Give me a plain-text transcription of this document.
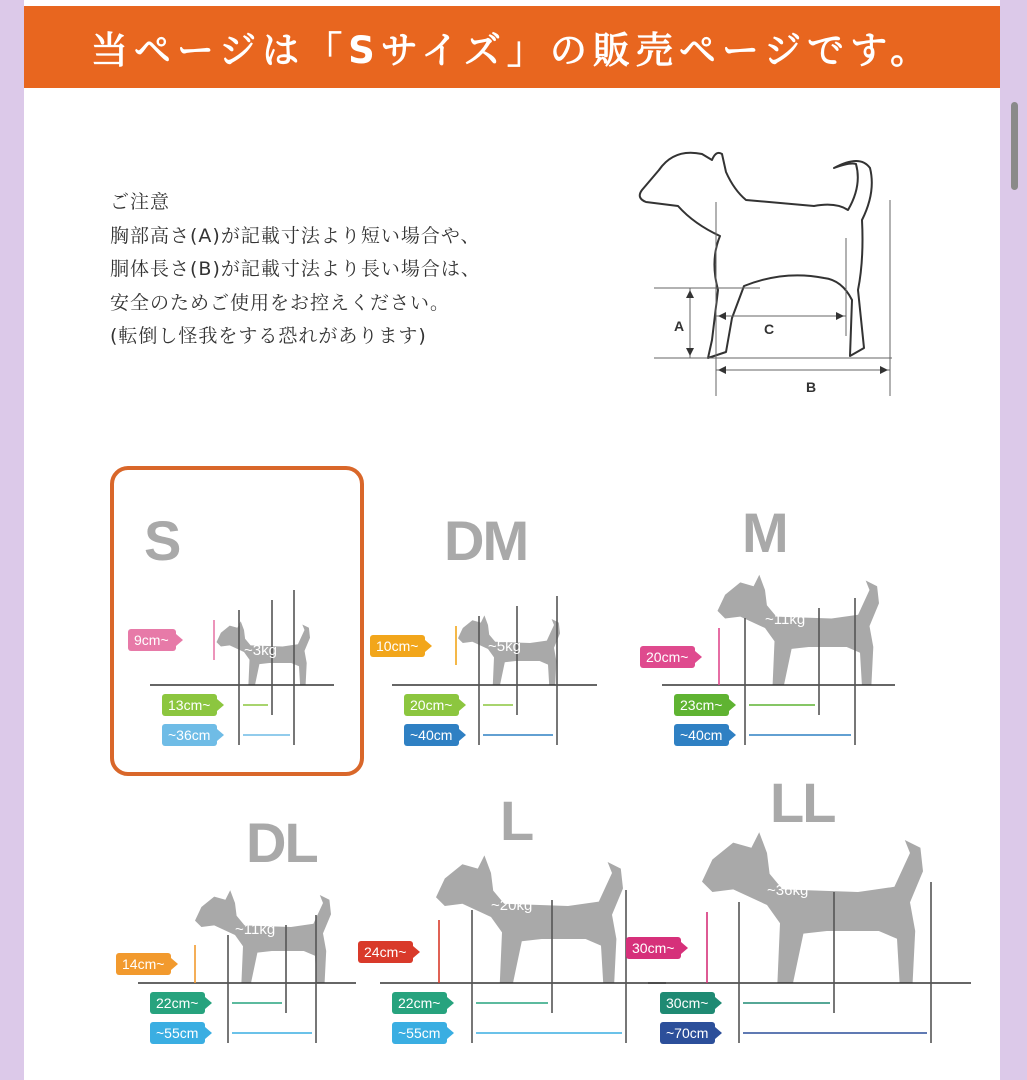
当ページは「Sサイズ」の販売ページです。
ご注意
胸部高さ(A)が記載寸法より短い場合や、
胴体長さ(B)が記載寸法より長い場合は、
安全のためご使用をお控えください。
(転倒し怪我をする恐れがあります)	A	C
B
S
~3kg
9cm~
13cm~
~36cm
DM
~5kg
10cm~
20cm~
~40cm
M
~11kg
20cm~
23cm~
~40cm
DL
~11kg
14cm~
22cm~
~55cm
L
~20kg
24cm~
22cm~
~55cm
LL
~36kg
30cm~
30cm~
~70cm
